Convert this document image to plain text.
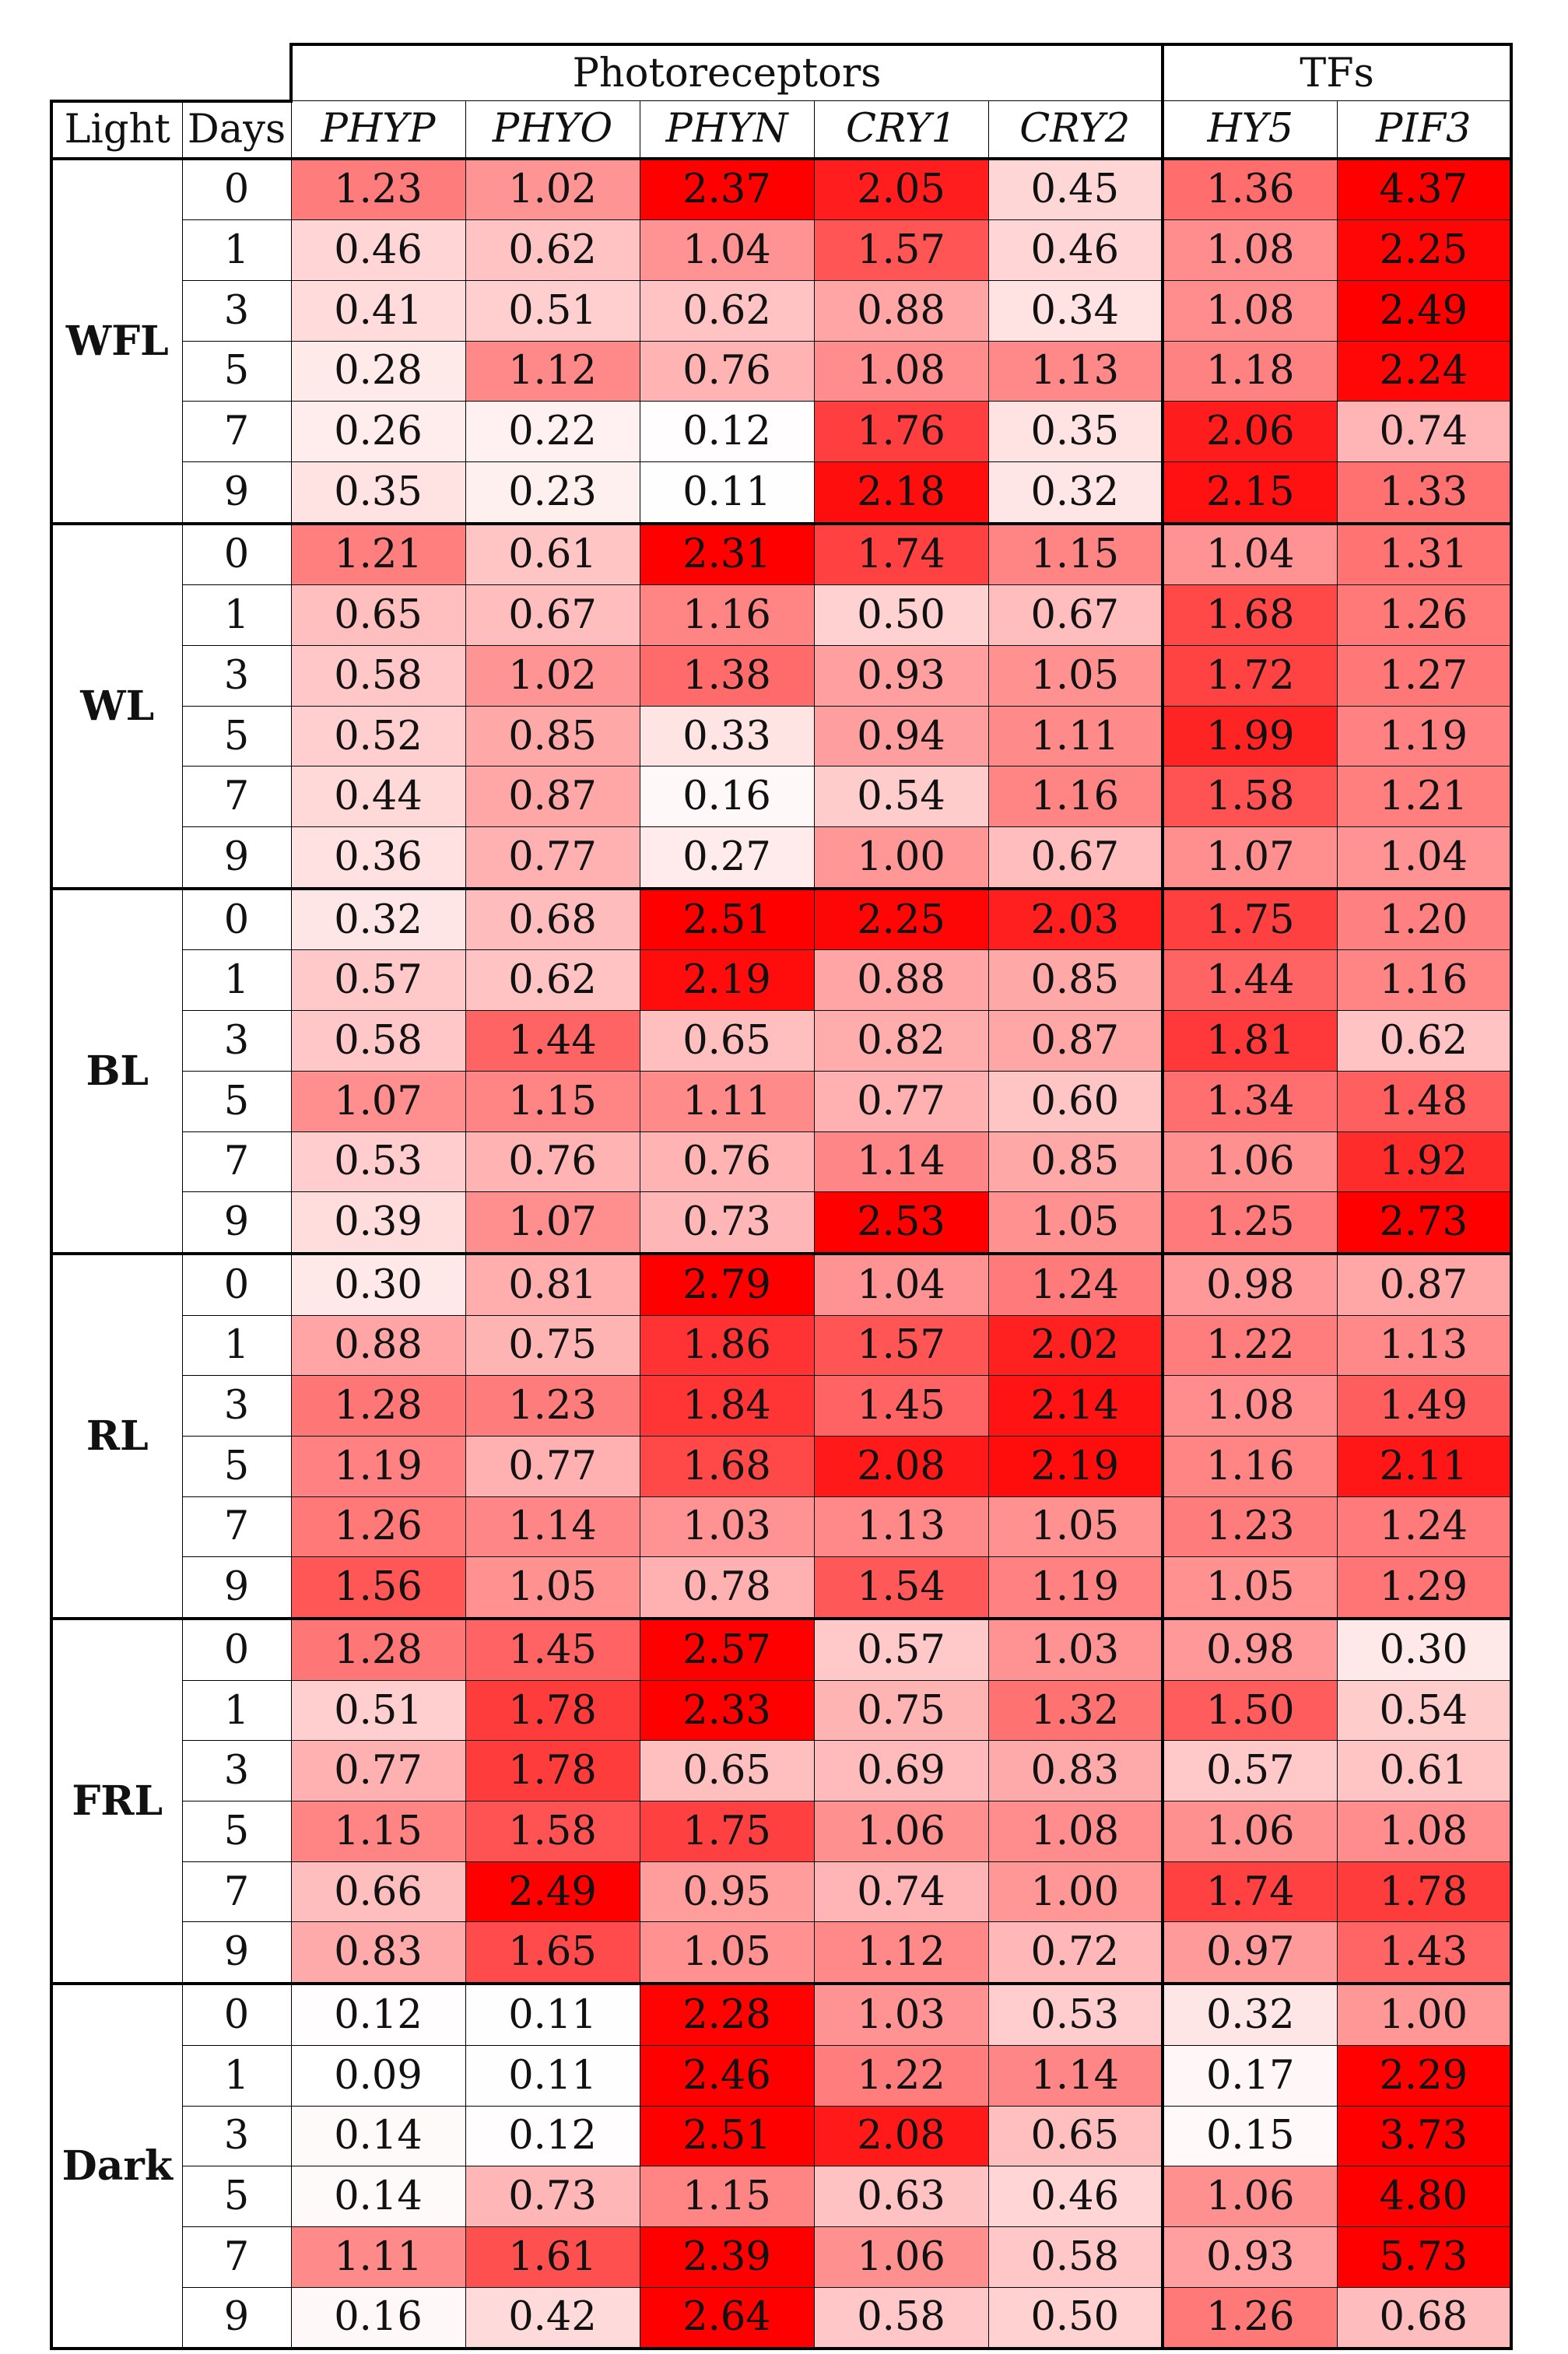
		Photoreceptors					TFs	
Light	Days	PHYP	PHYO	PHYN	CRY1	CRY2	HY5	PIF3
WFL	0	1.23	1.02	2.37	2.05	0.45	1.36	4.37
	1	0.46	0.62	1.04	1.57	0.46	1.08	2.25
	3	0.41	0.51	0.62	0.88	0.34	1.08	2.49
	5	0.28	1.12	0.76	1.08	1.13	1.18	2.24
	7	0.26	0.22	0.12	1.76	0.35	2.06	0.74
	9	0.35	0.23	0.11	2.18	0.32	2.15	1.33
WL	0	1.21	0.61	2.31	1.74	1.15	1.04	1.31
	1	0.65	0.67	1.16	0.50	0.67	1.68	1.26
	3	0.58	1.02	1.38	0.93	1.05	1.72	1.27
	5	0.52	0.85	0.33	0.94	1.11	1.99	1.19
	7	0.44	0.87	0.16	0.54	1.16	1.58	1.21
	9	0.36	0.77	0.27	1.00	0.67	1.07	1.04
BL	0	0.32	0.68	2.51	2.25	2.03	1.75	1.20
	1	0.57	0.62	2.19	0.88	0.85	1.44	1.16
	3	0.58	1.44	0.65	0.82	0.87	1.81	0.62
	5	1.07	1.15	1.11	0.77	0.60	1.34	1.48
	7	0.53	0.76	0.76	1.14	0.85	1.06	1.92
	9	0.39	1.07	0.73	2.53	1.05	1.25	2.73
RL	0	0.30	0.81	2.79	1.04	1.24	0.98	0.87
	1	0.88	0.75	1.86	1.57	2.02	1.22	1.13
	3	1.28	1.23	1.84	1.45	2.14	1.08	1.49
	5	1.19	0.77	1.68	2.08	2.19	1.16	2.11
	7	1.26	1.14	1.03	1.13	1.05	1.23	1.24
	9	1.56	1.05	0.78	1.54	1.19	1.05	1.29
FRL	0	1.28	1.45	2.57	0.57	1.03	0.98	0.30
	1	0.51	1.78	2.33	0.75	1.32	1.50	0.54
	3	0.77	1.78	0.65	0.69	0.83	0.57	0.61
	5	1.15	1.58	1.75	1.06	1.08	1.06	1.08
	7	0.66	2.49	0.95	0.74	1.00	1.74	1.78
	9	0.83	1.65	1.05	1.12	0.72	0.97	1.43
Dark	0	0.12	0.11	2.28	1.03	0.53	0.32	1.00
	1	0.09	0.11	2.46	1.22	1.14	0.17	2.29
	3	0.14	0.12	2.51	2.08	0.65	0.15	3.73
	5	0.14	0.73	1.15	0.63	0.46	1.06	4.80
	7	1.11	1.61	2.39	1.06	0.58	0.93	5.73
	9	0.16	0.42	2.64	0.58	0.50	1.26	0.68
